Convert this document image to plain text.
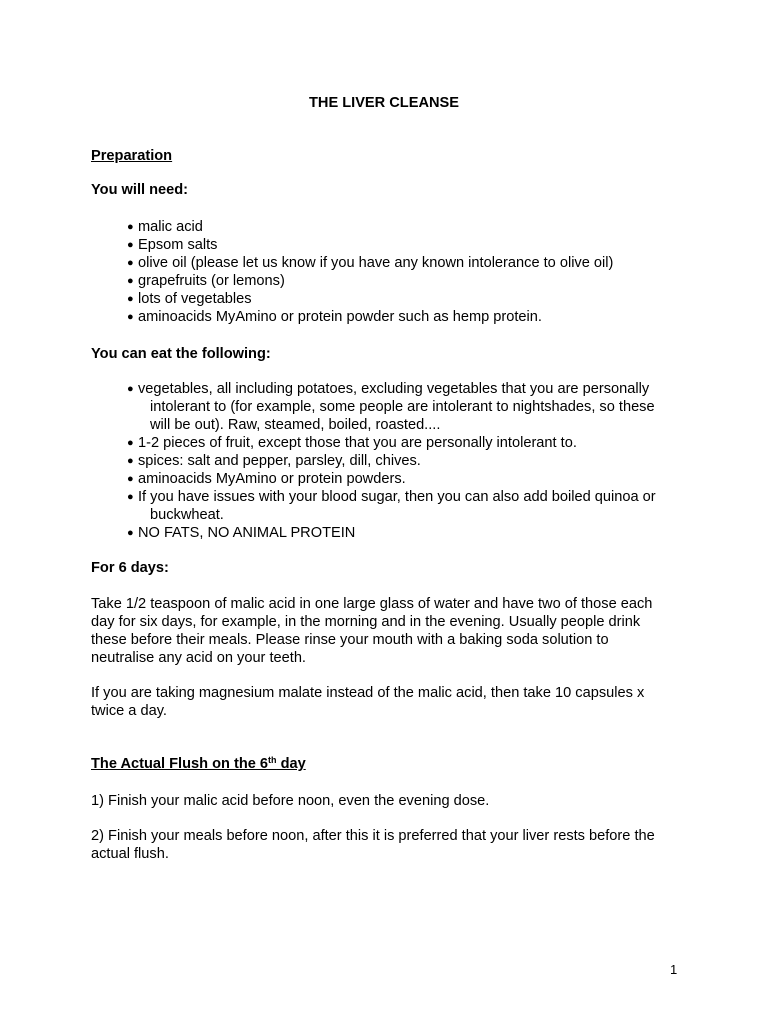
THE LIVER CLEANSE
Preparation
You will need:
● malic acid
● Epsom salts
● olive oil (please let us know if you have any known intolerance to olive oil)
● grapefruits (or lemons)
● lots of vegetables
● aminoacids MyAmino or protein powder such as hemp protein.
You can eat the following:
● vegetables, all including potatoes, excluding vegetables that you are personally
intolerant to (for example, some people are intolerant to nightshades, so these
will be out). Raw, steamed, boiled, roasted....
● 1-2 pieces of fruit, except those that you are personally intolerant to.
● spices: salt and pepper, parsley, dill, chives.
● aminoacids MyAmino or protein powders.
● If you have issues with your blood sugar, then you can also add boiled quinoa or
buckwheat.
● NO FATS, NO ANIMAL PROTEIN
For 6 days:
Take 1/2 teaspoon of malic acid in one large glass of water and have two of those each
day for six days, for example, in the morning and in the evening. Usually people drink
these before their meals. Please rinse your mouth with a baking soda solution to
neutralise any acid on your teeth.
If you are taking magnesium malate instead of the malic acid, then take 10 capsules x
twice a day.
The Actual Flush on the 6th day
1) Finish your malic acid before noon, even the evening dose.
2) Finish your meals before noon, after this it is preferred that your liver rests before the
actual flush.
1
